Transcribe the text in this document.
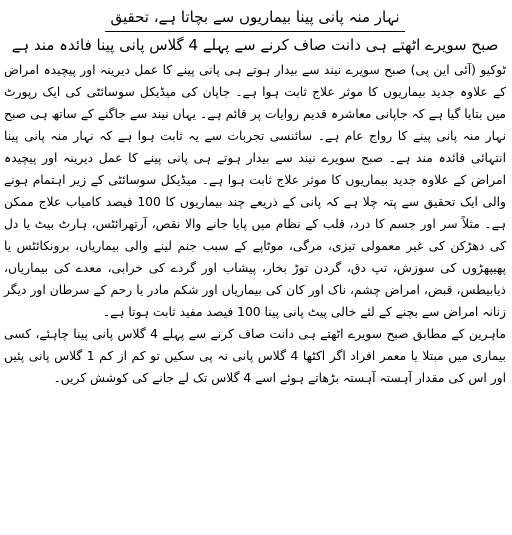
نہار منہ پانی پینا بیماریوں سے بچاتا ہے، تحقیق
صبح سویرے اٹھتے ہی دانت صاف کرنے سے پہلے 4 گلاس پانی پینا فائدہ مند ہے

ٹوکیو (آئی این پی) صبح سویرے نیند سے بیدار ہوتے ہی پانی پینے کا عمل دیرینہ اور پیچیدہ امراض کے علاوہ جدید بیماریوں کا موثر علاج ثابت ہوا ہے۔ جاپان کی میڈیکل سوسائٹی کی ایک رپورٹ میں بتایا گیا ہے کہ جاپانی معاشرہ قدیم روایات پر قائم ہے۔ یہاں نیند سے جاگنے کے ساتھ ہی صبح نہار منہ پانی پینے کا رواج عام ہے۔ سائنسی تجربات سے یہ ثابت ہوا ہے کہ نہار منہ پانی پینا انتہائی فائدہ مند ہے۔ صبح سویرے نیند سے بیدار ہوتے ہی پانی پینے کا عمل دیرینہ اور پیچیدہ امراض کے علاوہ جدید بیماریوں کا موثر علاج ثابت ہوا ہے۔ میڈیکل سوسائٹی کے زیر اہتمام ہونے والی ایک تحقیق سے پتہ چلا ہے کہ پانی کے ذریعے چند بیماریوں کا 100 فیصد کامیاب علاج ممکن ہے۔ مثلاً سر اور جسم کا درد، قلب کے نظام میں پایا جانے والا نقص، آرتھرائٹس، ہارٹ بیٹ یا دل کی دھڑکن کی غیر معمولی تیزی، مرگی، موٹاپے کے سبب جنم لینے والی بیماریاں، برونکائٹس یا پھیپھڑوں کی سوزش، تپ دق، گردن توڑ بخار، پیشاب اور گردے کی خرابی، معدے کی بیماریاں، ذیابیطس، قبض، امراض چشم، ناک اور کان کی بیماریاں اور شکم مادر یا رحم کے سرطان اور دیگر زنانہ امراض سے بچنے کے لئے خالی پیٹ پانی پینا 100 فیصد مفید ثابت ہوتا ہے۔

ماہرین کے مطابق صبح سویرے اٹھتے ہی دانت صاف کرنے سے پہلے 4 گلاس پانی پینا چاہئے، کسی بیماری میں مبتلا یا معمر افراد اگر اکٹھا 4 گلاس پانی نہ پی سکیں تو کم از کم 1 گلاس پانی پئیں اور اس کی مقدار آہستہ آہستہ بڑھاتے ہوئے اسے 4 گلاس تک لے جانے کی کوشش کریں۔
